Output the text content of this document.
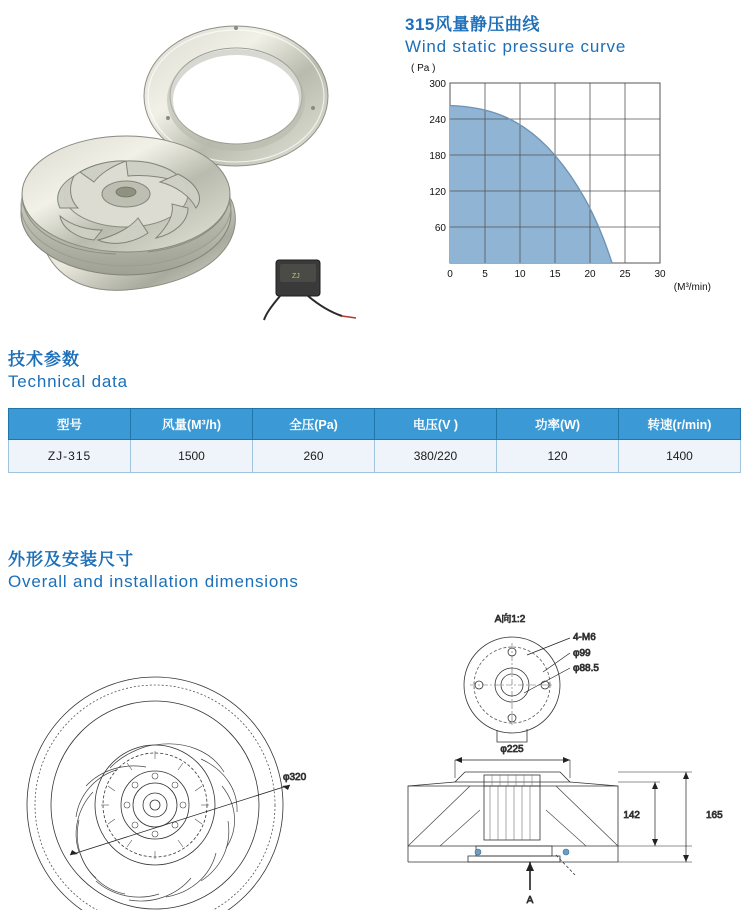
ZJ
315风量静压曲线
Wind static pressure curve
300
240
180
120
60
0	5	10 15 20 25 30
( Pa )
(M³/min)
技术参数
Technical data
型号	风量(M³/h)	全压(Pa)	电压(V )	功率(W)	转速(r/min)
ZJ-315	1500	260	380/220	120	1400
外形及安装尺寸
Overall and installation dimensions
φ320
A向1:2
4-M6
φ99
φ88.5
φ225
A
142	165
